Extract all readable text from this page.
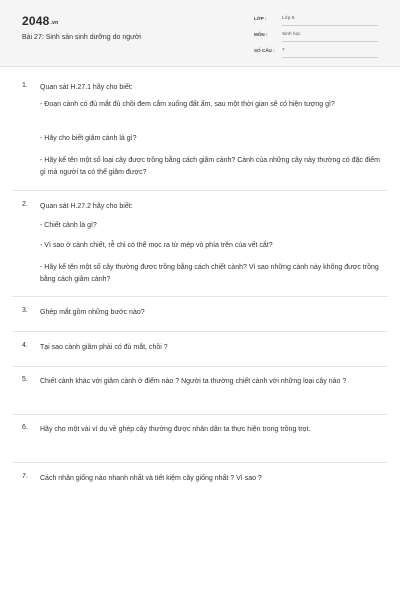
2048.vn
Bài 27: Sinh sản sinh dưỡng do người
LỚP :	Lớp 6
MÔN :	Sinh học
SỐ CÂU : 7
1. Quan sát H.27.1 hãy cho biết:
- Đoạn cành có đủ mắt đủ chồi đem cắm xuống đất ẩm, sau một thời gian sẽ có hiện tượng gì?
- Hãy cho biết giâm cành là gì?
- Hãy kể tên một số loại cây được trồng bằng cách giâm cành? Cành của những cây này thường có đặc điểm gì mà người ta có thể giâm được?
2. Quan sát H.27.2 hãy cho biết:
- Chiết cành là gì?
- Vì sao ở cành chiết, rễ chỉ có thể mọc ra từ mép vỏ phía trên của vết cắt?
- Hãy kể tên một số cây thường được trồng bằng cách chiết cành? Vì sao những cành này không được trồng bằng cách giâm cành?
3. Ghép mắt gồm những bước nào?
4. Tại sao cành giâm phải có đủ mắt, chồi ?
5. Chiết cành khác với giâm cành ở điểm nào ? Người ta thường chiết cành với những loại cây nào ?
6. Hãy cho một vài ví dụ về ghép cây thường được nhân dân ta thực hiện trong trồng trọt.
7. Cách nhân giống nào nhanh nhất và tiết kiệm cây giống nhất ? Vì sao ?
